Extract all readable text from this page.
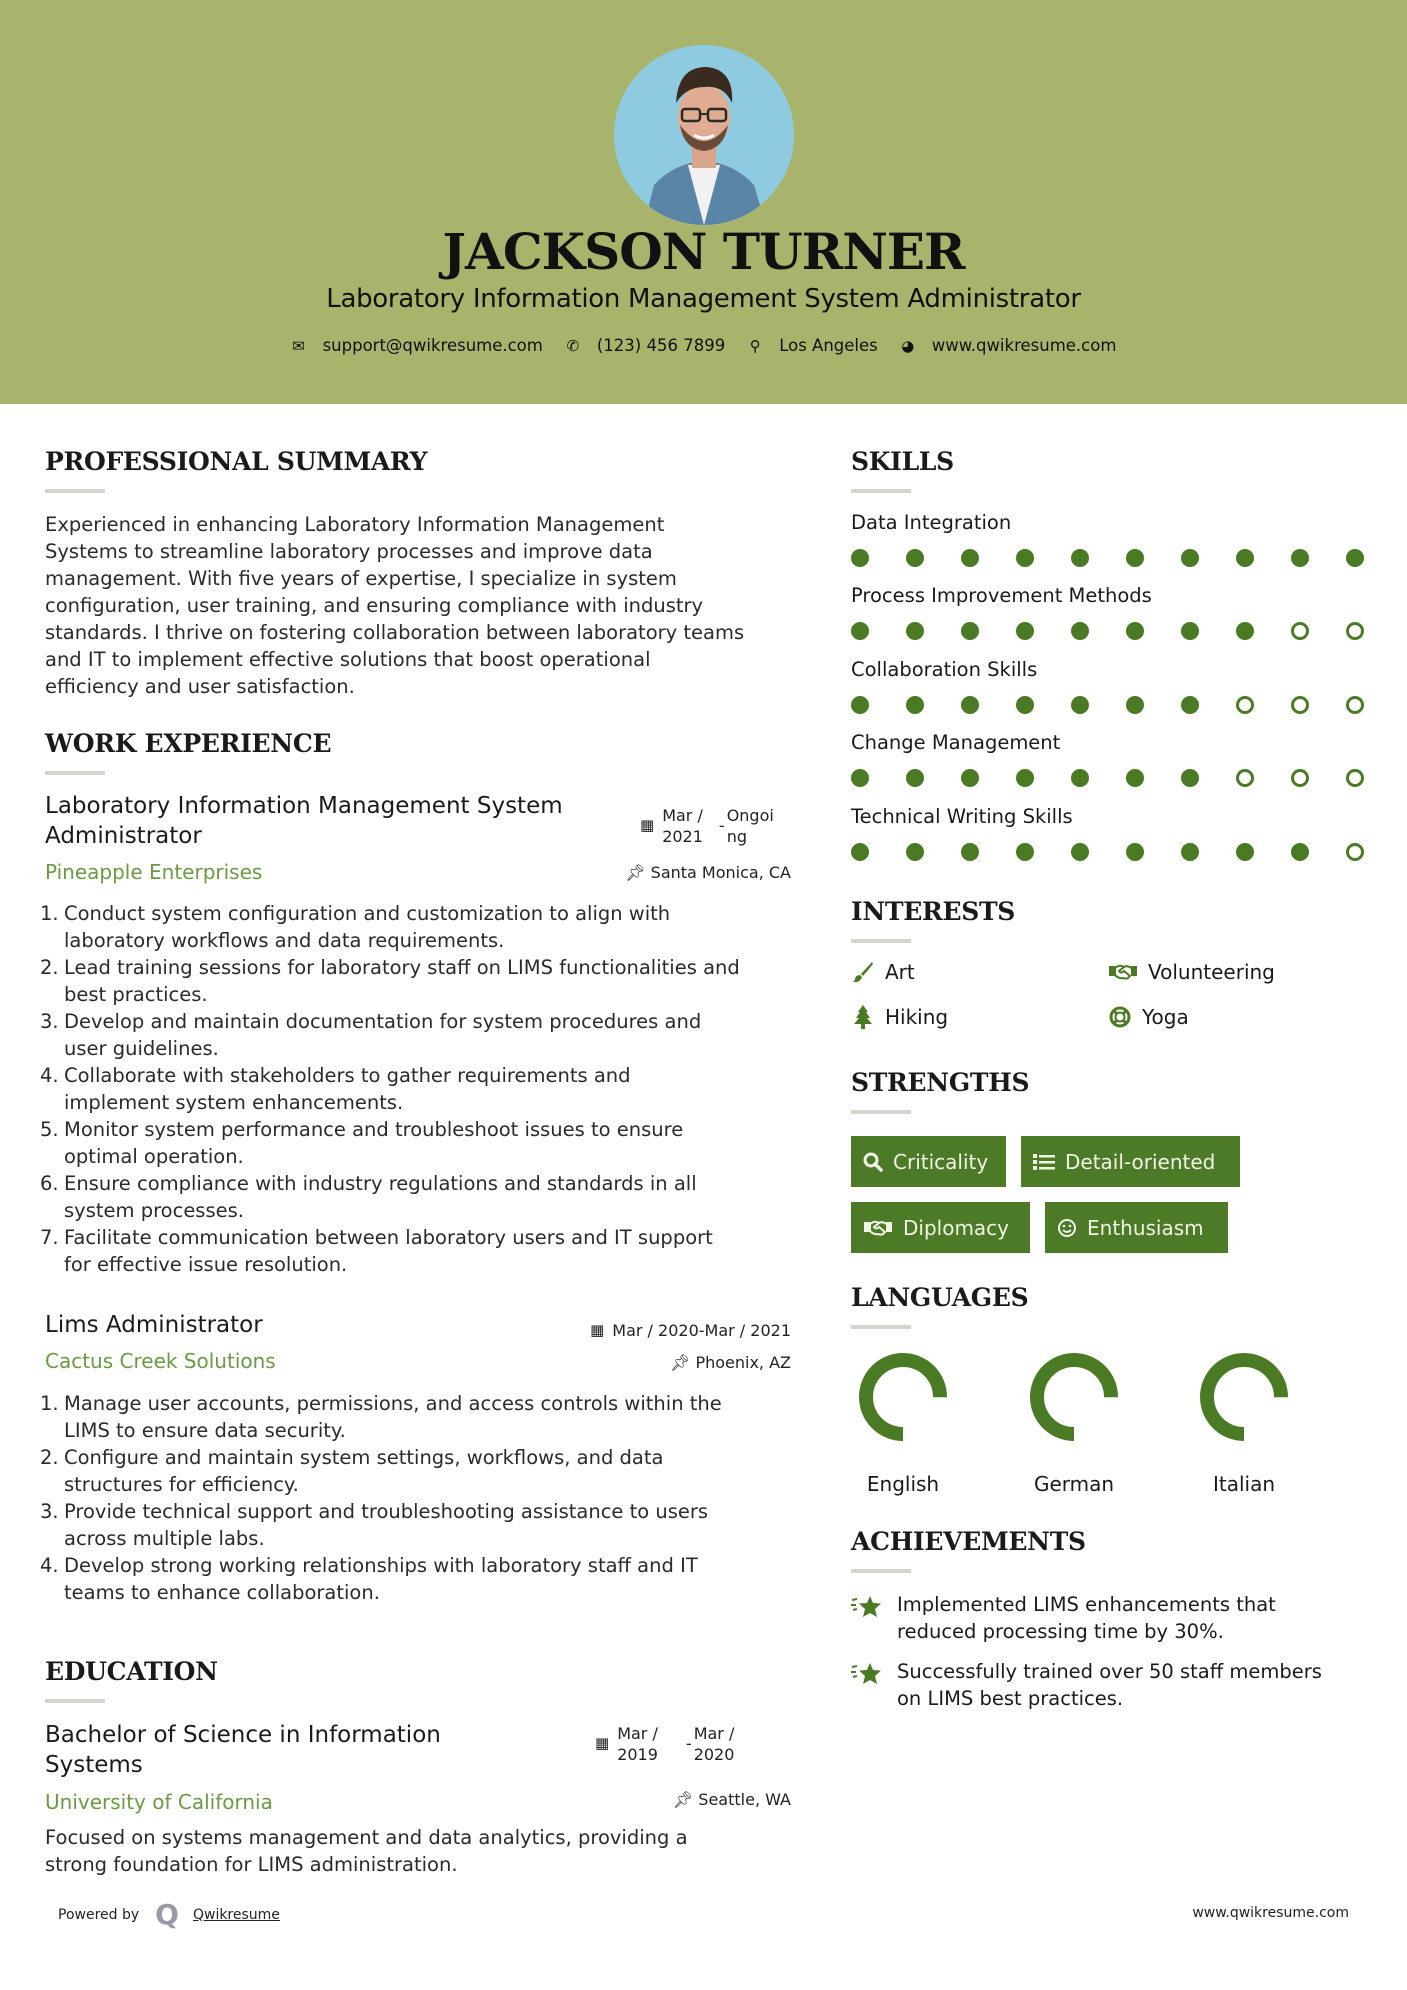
JACKSON TURNER
Laboratory Information Management System Administrator
✉ support@qwikresume.com ✆ (123) 456 7899 ⚲ Los Angeles ◕ www.qwikresume.com
PROFESSIONAL SUMMARY
Experienced in enhancing Laboratory Information Management
Systems to streamline laboratory processes and improve data
management. With five years of expertise, I specialize in system
configuration, user training, and ensuring compliance with industry
standards. I thrive on fostering collaboration between laboratory teams
and IT to implement effective solutions that boost operational
efficiency and user satisfaction.
WORK EXPERIENCE
Laboratory Information Management System
Administrator	▦ Mar /
2021
-
Ongoi
ng
Pineapple Enterprises	📌︎ Santa Monica, CA
1. Conduct system configuration and customization to align with
laboratory workflows and data requirements.
2. Lead training sessions for laboratory staff on LIMS functionalities and
best practices.
3. Develop and maintain documentation for system procedures and
user guidelines.
4. Collaborate with stakeholders to gather requirements and
implement system enhancements.
5. Monitor system performance and troubleshoot issues to ensure
optimal operation.
6. Ensure compliance with industry regulations and standards in all
system processes.
7. Facilitate communication between laboratory users and IT support
for effective issue resolution.
Lims Administrator	▦ Mar / 2020-Mar / 2021
Cactus Creek Solutions	📌︎ Phoenix, AZ
1. Manage user accounts, permissions, and access controls within the
LIMS to ensure data security.
2. Configure and maintain system settings, workflows, and data
structures for efficiency.
3. Provide technical support and troubleshooting assistance to users
across multiple labs.
4. Develop strong working relationships with laboratory staff and IT
teams to enhance collaboration.
EDUCATION
Bachelor of Science in Information
Systems
▦ Mar /
2019
-
Mar /
2020
University of California	📌︎ Seattle, WA
Focused on systems management and data analytics, providing a
strong foundation for LIMS administration.
SKILLS
Data Integration
Process Improvement Methods
Collaboration Skills
Change Management
Technical Writing Skills
INTERESTS
Art	Volunteering
Hiking	Yoga
STRENGTHS
Criticality	Detail-oriented
Diplomacy	Enthusiasm
LANGUAGES
English	German	Italian
ACHIEVEMENTS
Implemented LIMS enhancements that
reduced processing time by 30%.
Successfully trained over 50 staff members
on LIMS best practices.
Powered by Q Qwikresume	www.qwikresume.com
